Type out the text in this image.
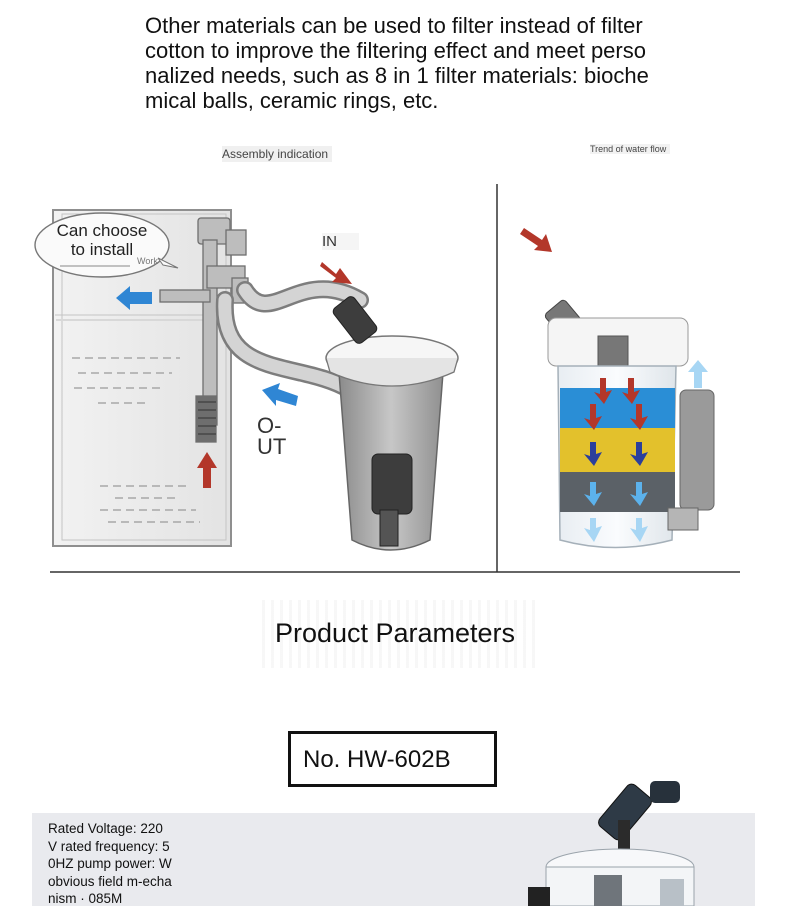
Other materials can be used to filter instead of filter cotton to improve the filtering effect and meet personalized needs, such as 8 in 1 filter materials: biochemical balls, ceramic rings, etc.
Assembly indication	Trend of water flow
Can choose to install
Work
IN
O-
UT
Product Parameters
No. HW-602B
Rated Voltage: 220 V rated frequency: 50HZ pump power: W obvious field m-echanism · 085M
